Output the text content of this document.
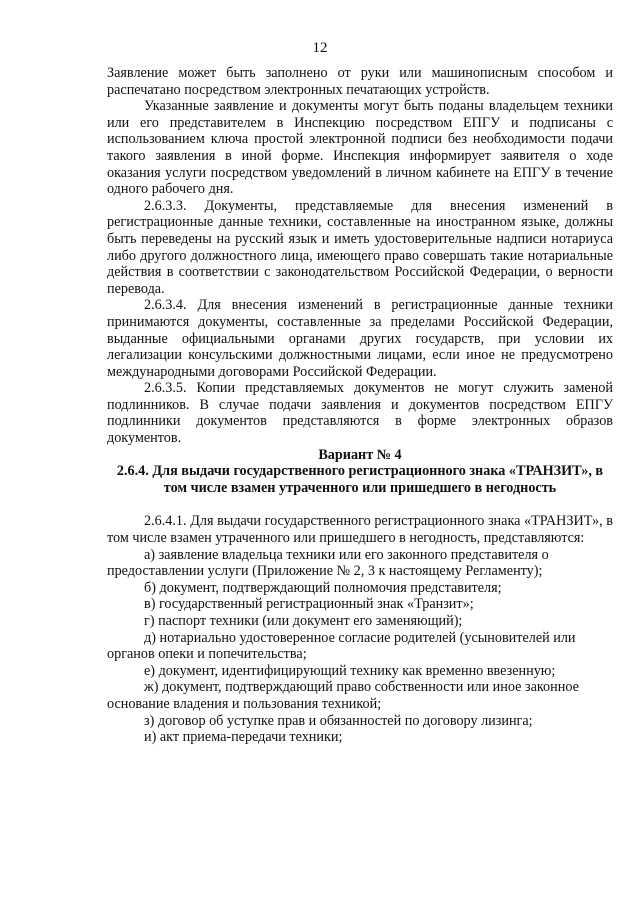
12

Заявление может быть заполнено от руки или машинописным способом и распечатано посредством электронных печатающих устройств.

Указанные заявление и документы могут быть поданы владельцем техники или его представителем в Инспекцию посредством ЕПГУ и подписаны с использованием ключа простой электронной подписи без необходимости подачи такого заявления в иной форме. Инспекция информирует заявителя о ходе оказания услуги посредством уведомлений в личном кабинете на ЕПГУ в течение одного рабочего дня.

2.6.3.3. Документы, представляемые для внесения изменений в регистрационные данные техники, составленные на иностранном языке, должны быть переведены на русский язык и иметь удостоверительные надписи нотариуса либо другого должностного лица, имеющего право совершать такие нотариальные действия в соответствии с законодательством Российской Федерации, о верности перевода.

2.6.3.4. Для внесения изменений в регистрационные данные техники принимаются документы, составленные за пределами Российской Федерации, выданные официальными органами других государств, при условии их легализации консульскими должностными лицами, если иное не предусмотрено международными договорами Российской Федерации.

2.6.3.5. Копии представляемых документов не могут служить заменой подлинников. В случае подачи заявления и документов посредством ЕПГУ подлинники документов представляются в форме электронных образов документов.

Вариант № 4

2.6.4. Для выдачи государственного регистрационного знака «ТРАНЗИТ», в том числе взамен утраченного или пришедшего в негодность

2.6.4.1. Для выдачи государственного регистрационного знака «ТРАНЗИТ», в том числе взамен утраченного или пришедшего в негодность, представляются:

а) заявление владельца техники или его законного представителя о предоставлении услуги (Приложение № 2, 3 к настоящему Регламенту);

б) документ, подтверждающий полномочия представителя;

в) государственный регистрационный знак «Транзит»;

г) паспорт техники (или документ его заменяющий);

д) нотариально удостоверенное согласие родителей (усыновителей или органов опеки и попечительства;

е) документ, идентифицирующий технику как временно ввезенную;

ж) документ, подтверждающий право собственности или иное законное основание владения и пользования техникой;

з) договор об уступке прав и обязанностей по договору лизинга;

и) акт приема-передачи техники;
